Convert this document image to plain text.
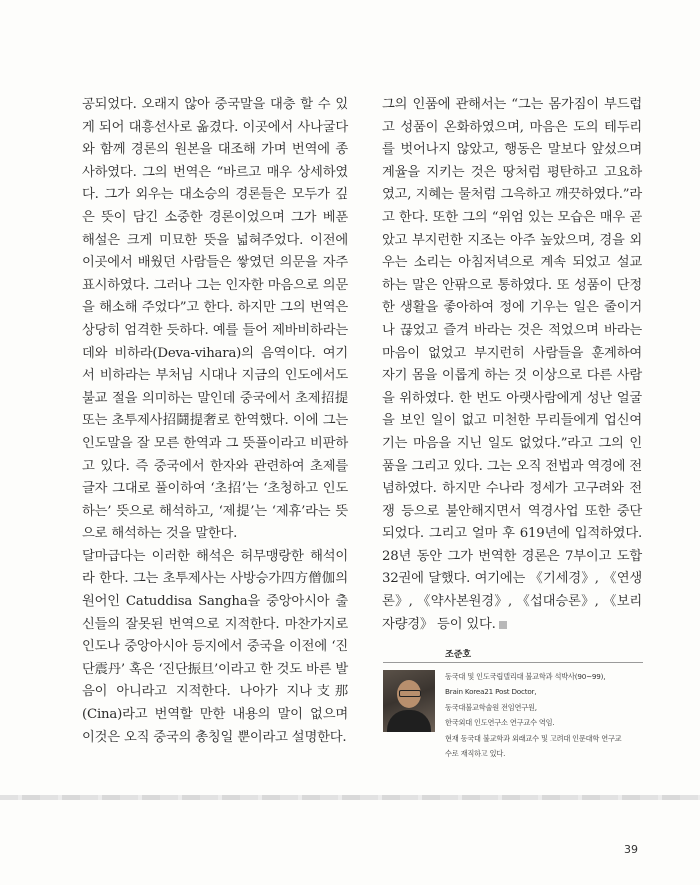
공되었다. 오래지 않아 중국말을 대충 할 수 있게 되어 대흥선사로 옮겼다. 이곳에서 사나굴다와 함께 경론의 원본을 대조해 가며 번역에 종사하였다. 그의 번역은 “바르고 매우 상세하였다. 그가 외우는 대소승의 경론들은 모두가 깊은 뜻이 담긴 소중한 경론이었으며 그가 베푼 해설은 크게 미묘한 뜻을 넓혀주었다. 이전에 이곳에서 배웠던 사람들은 쌓였던 의문을 자주 표시하였다. 그러나 그는 인자한 마음으로 의문을 해소해 주었다”고 한다. 하지만 그의 번역은 상당히 엄격한 듯하다. 예를 들어 제바비하라는 데와 비하라(Deva-vihara)의 음역이다. 여기서 비하라는 부처님 시대나 지금의 인도에서도 불교 절을 의미하는 말인데 중국에서 초제招提 또는 초투제사招鬪提奢로 한역했다. 이에 그는 인도말을 잘 모른 한역과 그 뜻풀이라고 비판하고 있다. 즉 중국에서 한자와 관련하여 초제를 글자 그대로 풀이하여 ‘초招’는 ‘초청하고 인도하는’ 뜻으로 해석하고, ‘제提’는 ‘제휴’라는 뜻으로 해석하는 것을 말한다.

달마급다는 이러한 해석은 허무맹랑한 해석이라 한다. 그는 초투제사는 사방승가四方僧伽의 원어인 Catuddisa Sangha을 중앙아시아 출신들의 잘못된 번역으로 지적한다. 마찬가지로 인도나 중앙아시아 등지에서 중국을 이전에 ‘진단震丹’ 혹은 ‘진단振旦’이라고 한 것도 바른 발음이 아니라고 지적한다. 나아가 지나支那(Cina)라고 번역할 만한 내용의 말이 없으며 이것은 오직 중국의 총칭일 뿐이라고 설명한다.

그의 인품에 관해서는 “그는 몸가짐이 부드럽고 성품이 온화하였으며, 마음은 도의 테두리를 벗어나지 않았고, 행동은 말보다 앞섰으며 계율을 지키는 것은 땅처럼 평탄하고 고요하였고, 지혜는 물처럼 그윽하고 깨끗하였다.”라고 한다. 또한 그의 “위엄 있는 모습은 매우 곧았고 부지런한 지조는 아주 높았으며, 경을 외우는 소리는 아침저녁으로 계속 되었고 설교하는 말은 안팎으로 통하였다. 또 성품이 단정한 생활을 좋아하여 정에 기우는 일은 줄이거나 끊었고 즐겨 바라는 것은 적었으며 바라는 마음이 없었고 부지런히 사람들을 훈계하여 자기 몸을 이롭게 하는 것 이상으로 다른 사람을 위하였다. 한 번도 아랫사람에게 성난 얼굴을 보인 일이 없고 미천한 무리들에게 업신여기는 마음을 지닌 일도 없었다.”라고 그의 인품을 그리고 있다. 그는 오직 전법과 역경에 전념하였다. 하지만 수나라 정세가 고구려와 전쟁 등으로 불안해지면서 역경사업 또한 중단되었다. 그리고 얼마 후 619년에 입적하였다. 28년 동안 그가 번역한 경론은 7부이고 도합 32권에 달했다. 여기에는 《기세경》, 《연생론》, 《약사본원경》, 《섭대승론》, 《보리자량경》 등이 있다.

조준호
동국대 및 인도국립델리대 불교학과 석박사(90~99),
Brain Korea21 Post Doctor,
동국대불교학술원 전임연구원,
한국외대 인도연구소 연구교수 역임.
현재 동국대 불교학과 외래교수 및 고려대 인문대학 연구교
수로 재직하고 있다.
39
